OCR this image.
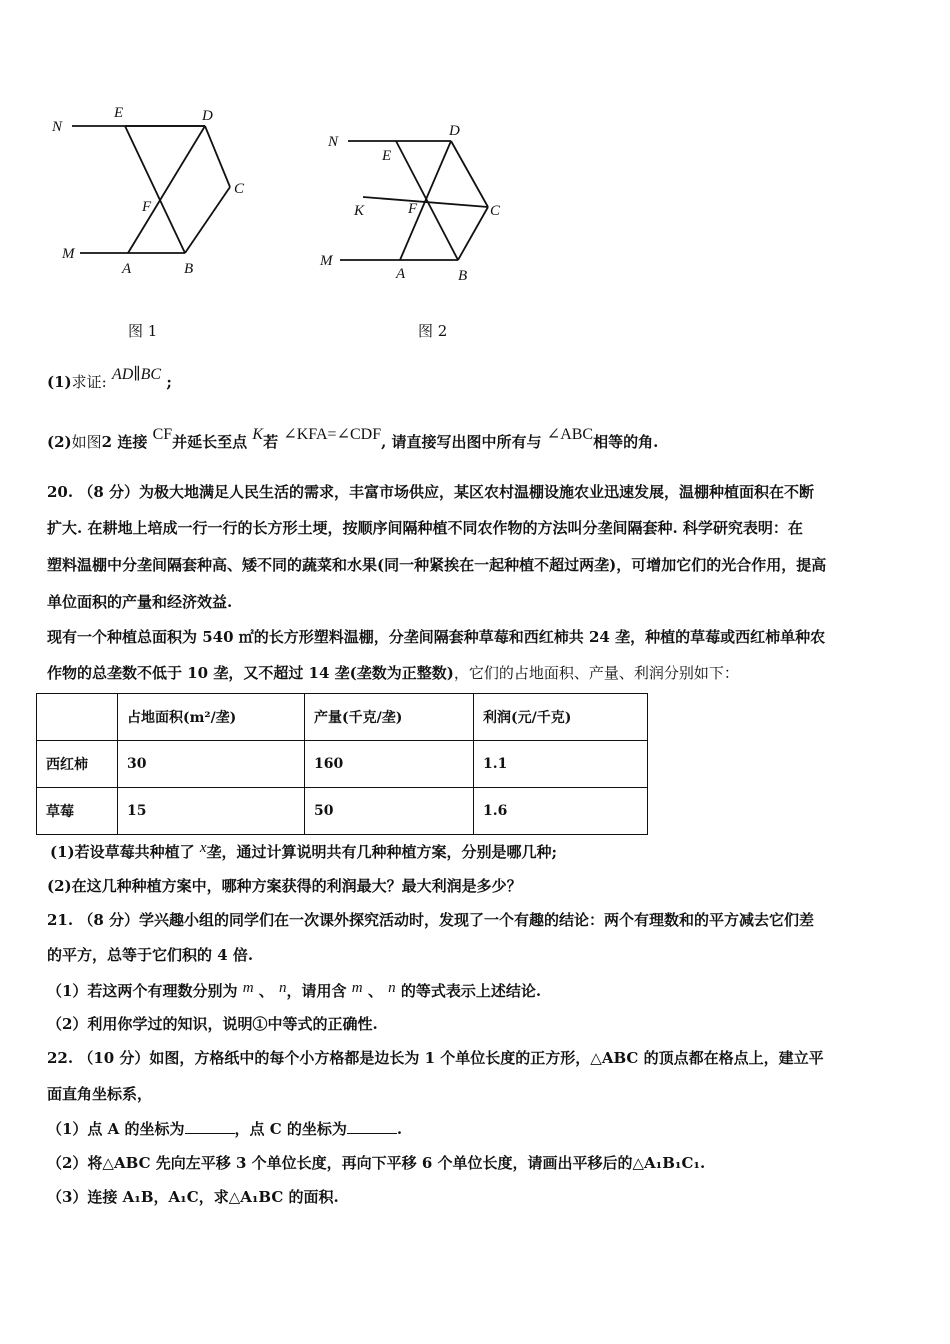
N
E	D
C
F
M
A	B
N
E
D
K	F	C
M
A	B
图 1	图 2
(1)求证: AD∥BC ;
(2)如图2 连接 CF并延长至点 K若 ∠KFA=∠CDF, 请直接写出图中所有与 ∠ABC相等的角.
20. （8 分）为极大地满足人民生活的需求，丰富市场供应，某区农村温棚设施农业迅速发展，温棚种植面积在不断
扩大. 在耕地上培成一行一行的长方形土埂，按顺序间隔种植不同农作物的方法叫分垄间隔套种. 科学研究表明：在
塑料温棚中分垄间隔套种高、矮不同的蔬菜和水果(同一种紧挨在一起种植不超过两垄)，可增加它们的光合作用，提高
单位面积的产量和经济效益.
现有一个种植总面积为 540 ㎡的长方形塑料温棚，分垄间隔套种草莓和西红柿共 24 垄，种植的草莓或西红柿单种农
作物的总垄数不低于 10 垄，又不超过 14 垄(垄数为正整数)，它们的占地面积、产量、利润分别如下：
	占地面积(m²/垄)	产量(千克/垄)	利润(元/千克)
西红柿	30	160	1.1
草莓	15	50	1.6
(1)若设草莓共种植了 x垄，通过计算说明共有几种种植方案，分别是哪几种;
(2)在这几种种植方案中，哪种方案获得的利润最大？最大利润是多少？
21. （8 分）学兴趣小组的同学们在一次课外探究活动时，发现了一个有趣的结论：两个有理数和的平方减去它们差
的平方，总等于它们积的 4 倍.
（1）若这两个有理数分别为 m 、 n，请用含 m 、 n 的等式表示上述结论.
（2）利用你学过的知识，说明①中等式的正确性.
22. （10 分）如图，方格纸中的每个小方格都是边长为 1 个单位长度的正方形，△ABC 的顶点都在格点上，建立平
面直角坐标系，
（1）点 A 的坐标为	，点 C 的坐标为	.
（2）将△ABC 先向左平移 3 个单位长度，再向下平移 6 个单位长度，请画出平移后的△A₁B₁C₁.
（3）连接 A₁B，A₁C，求△A₁BC 的面积.
